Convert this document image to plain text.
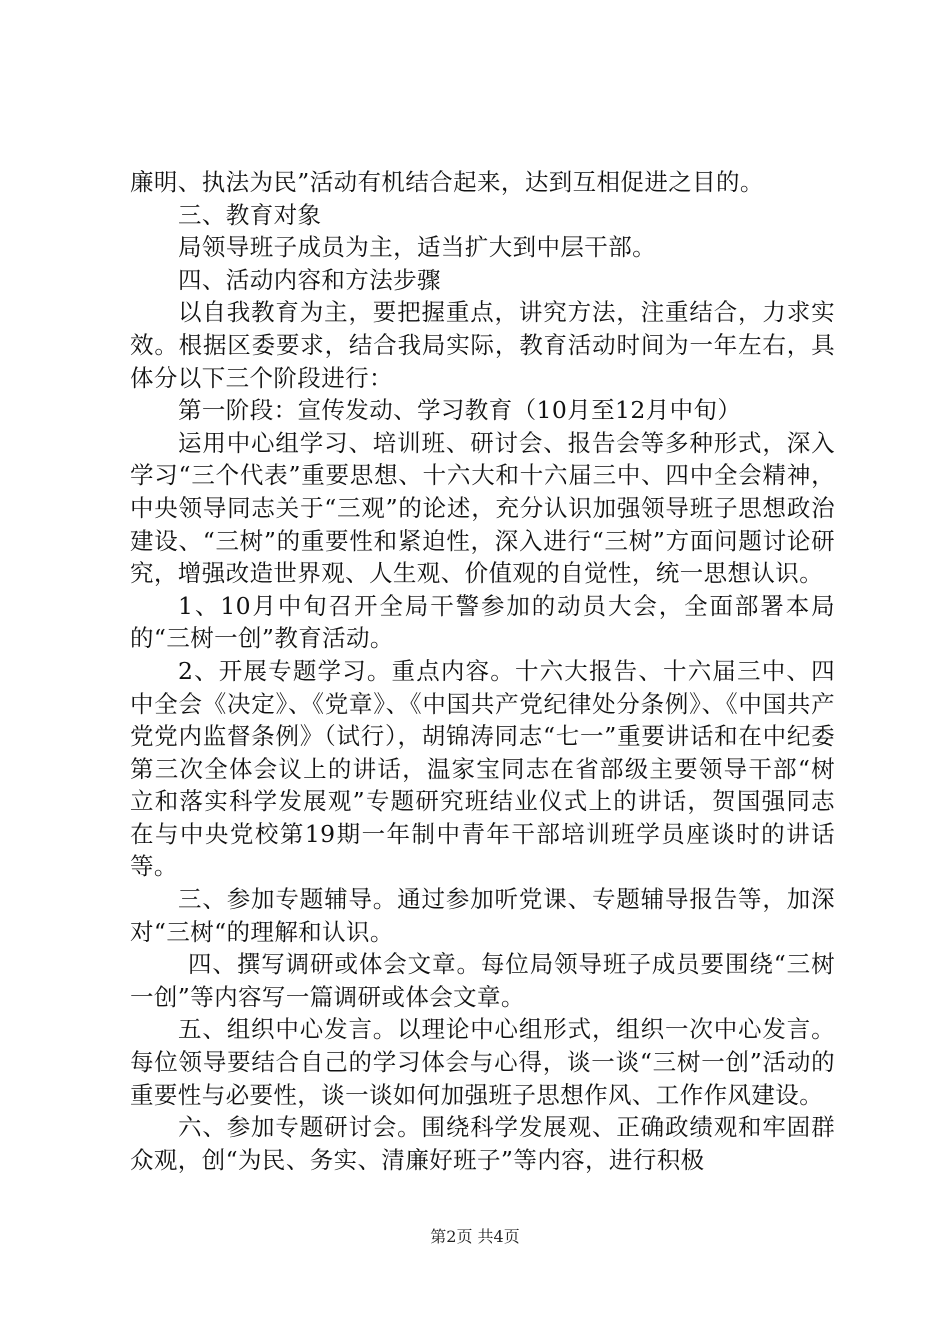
廉明、执法为民”活动有机结合起来，达到互相促进之目的。

三、教育对象

局领导班子成员为主，适当扩大到中层干部。

四、活动内容和方法步骤

以自我教育为主，要把握重点，讲究方法，注重结合，力求实效。根据区委要求，结合我局实际，教育活动时间为一年左右，具体分以下三个阶段进行：

第一阶段：宣传发动、学习教育（10月至12月中旬）

运用中心组学习、培训班、研讨会、报告会等多种形式，深入学习“三个代表”重要思想、十六大和十六届三中、四中全会精神，中央领导同志关于“三观”的论述，充分认识加强领导班子思想政治建设、“三树”的重要性和紧迫性，深入进行“三树”方面问题讨论研究，增强改造世界观、人生观、价值观的自觉性，统一思想认识。

1、10月中旬召开全局干警参加的动员大会，全面部署本局的“三树一创”教育活动。

2、开展专题学习。重点内容。十六大报告、十六届三中、四中全会《决定》、《党章》、《中国共产党纪律处分条例》、《中国共产党党内监督条例》（试行），胡锦涛同志“七一”重要讲话和在中纪委第三次全体会议上的讲话，温家宝同志在省部级主要领导干部“树立和落实科学发展观”专题研究班结业仪式上的讲话，贺国强同志在与中央党校第19期一年制中青年干部培训班学员座谈时的讲话等。

三、参加专题辅导。通过参加听党课、专题辅导报告等，加深对“三树“的理解和认识。

四、撰写调研或体会文章。每位局领导班子成员要围绕“三树一创”等内容写一篇调研或体会文章。

五、组织中心发言。以理论中心组形式，组织一次中心发言。每位领导要结合自己的学习体会与心得，谈一谈“三树一创”活动的重要性与必要性，谈一谈如何加强班子思想作风、工作作风建设。

六、参加专题研讨会。围绕科学发展观、正确政绩观和牢固群众观，创“为民、务实、清廉好班子”等内容，进行积极

第2页 共4页
